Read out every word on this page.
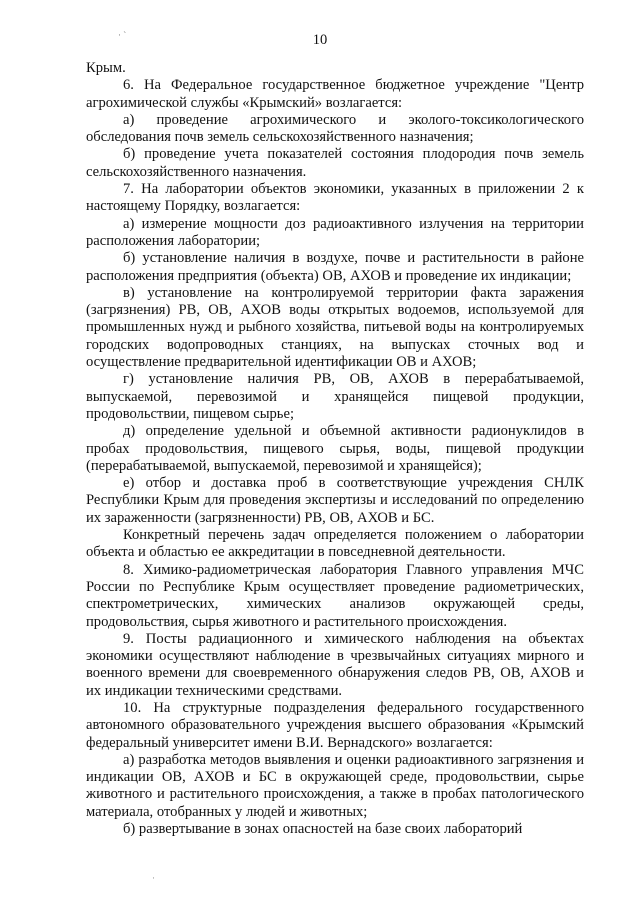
· `	10

Крым.

6. На Федеральное государственное бюджетное учреждение "Центр агрохимической службы «Крымский» возлагается:

а) проведение агрохимического и эколого-токсикологического обследования почв земель сельскохозяйственного назначения;

б) проведение учета показателей состояния плодородия почв земель сельскохозяйственного назначения.

7. На лаборатории объектов экономики, указанных в приложении 2 к настоящему Порядку, возлагается:

а) измерение мощности доз радиоактивного излучения на территории расположения лаборатории;

б) установление наличия в воздухе, почве и растительности в районе расположения предприятия (объекта) ОВ, АХОВ и проведение их индикации;

в) установление на контролируемой территории факта заражения (загрязнения) РВ, ОВ, АХОВ воды открытых водоемов, используемой для промышленных нужд и рыбного хозяйства, питьевой воды на контролируемых городских водопроводных станциях, на выпусках сточных вод и осуществление предварительной идентификации ОВ и АХОВ;

г) установление наличия РВ, ОВ, АХОВ в перерабатываемой, выпускаемой, перевозимой и хранящейся пищевой продукции, продовольствии, пищевом сырье;

д) определение удельной и объемной активности радионуклидов в пробах продовольствия, пищевого сырья, воды, пищевой продукции (перерабатываемой, выпускаемой, перевозимой и хранящейся);

е) отбор и доставка проб в соответствующие учреждения СНЛК Республики Крым для проведения экспертизы и исследований по определению их зараженности (загрязненности) РВ, ОВ, АХОВ и БС.

Конкретный перечень задач определяется положением о лаборатории объекта и областью ее аккредитации в повседневной деятельности.

8. Химико-радиометрическая лаборатория Главного управления МЧС России по Республике Крым осуществляет проведение радиометрических, спектрометрических, химических анализов окружающей среды, продовольствия, сырья животного и растительного происхождения.

9. Посты радиационного и химического наблюдения на объектах экономики осуществляют наблюдение в чрезвычайных ситуациях мирного и военного времени для своевременного обнаружения следов РВ, ОВ, АХОВ и их индикации техническими средствами.

10. На структурные подразделения федерального государственного автономного образовательного учреждения высшего образования «Крымский федеральный университет имени В.И. Вернадского» возлагается:

а) разработка методов выявления и оценки радиоактивного загрязнения и индикации ОВ, АХОВ и БС в окружающей среде, продовольствии, сырье животного и растительного происхождения, а также в пробах патологического материала, отобранных у людей и животных;

б) развертывание в зонах опасностей на базе своих лабораторий

·
